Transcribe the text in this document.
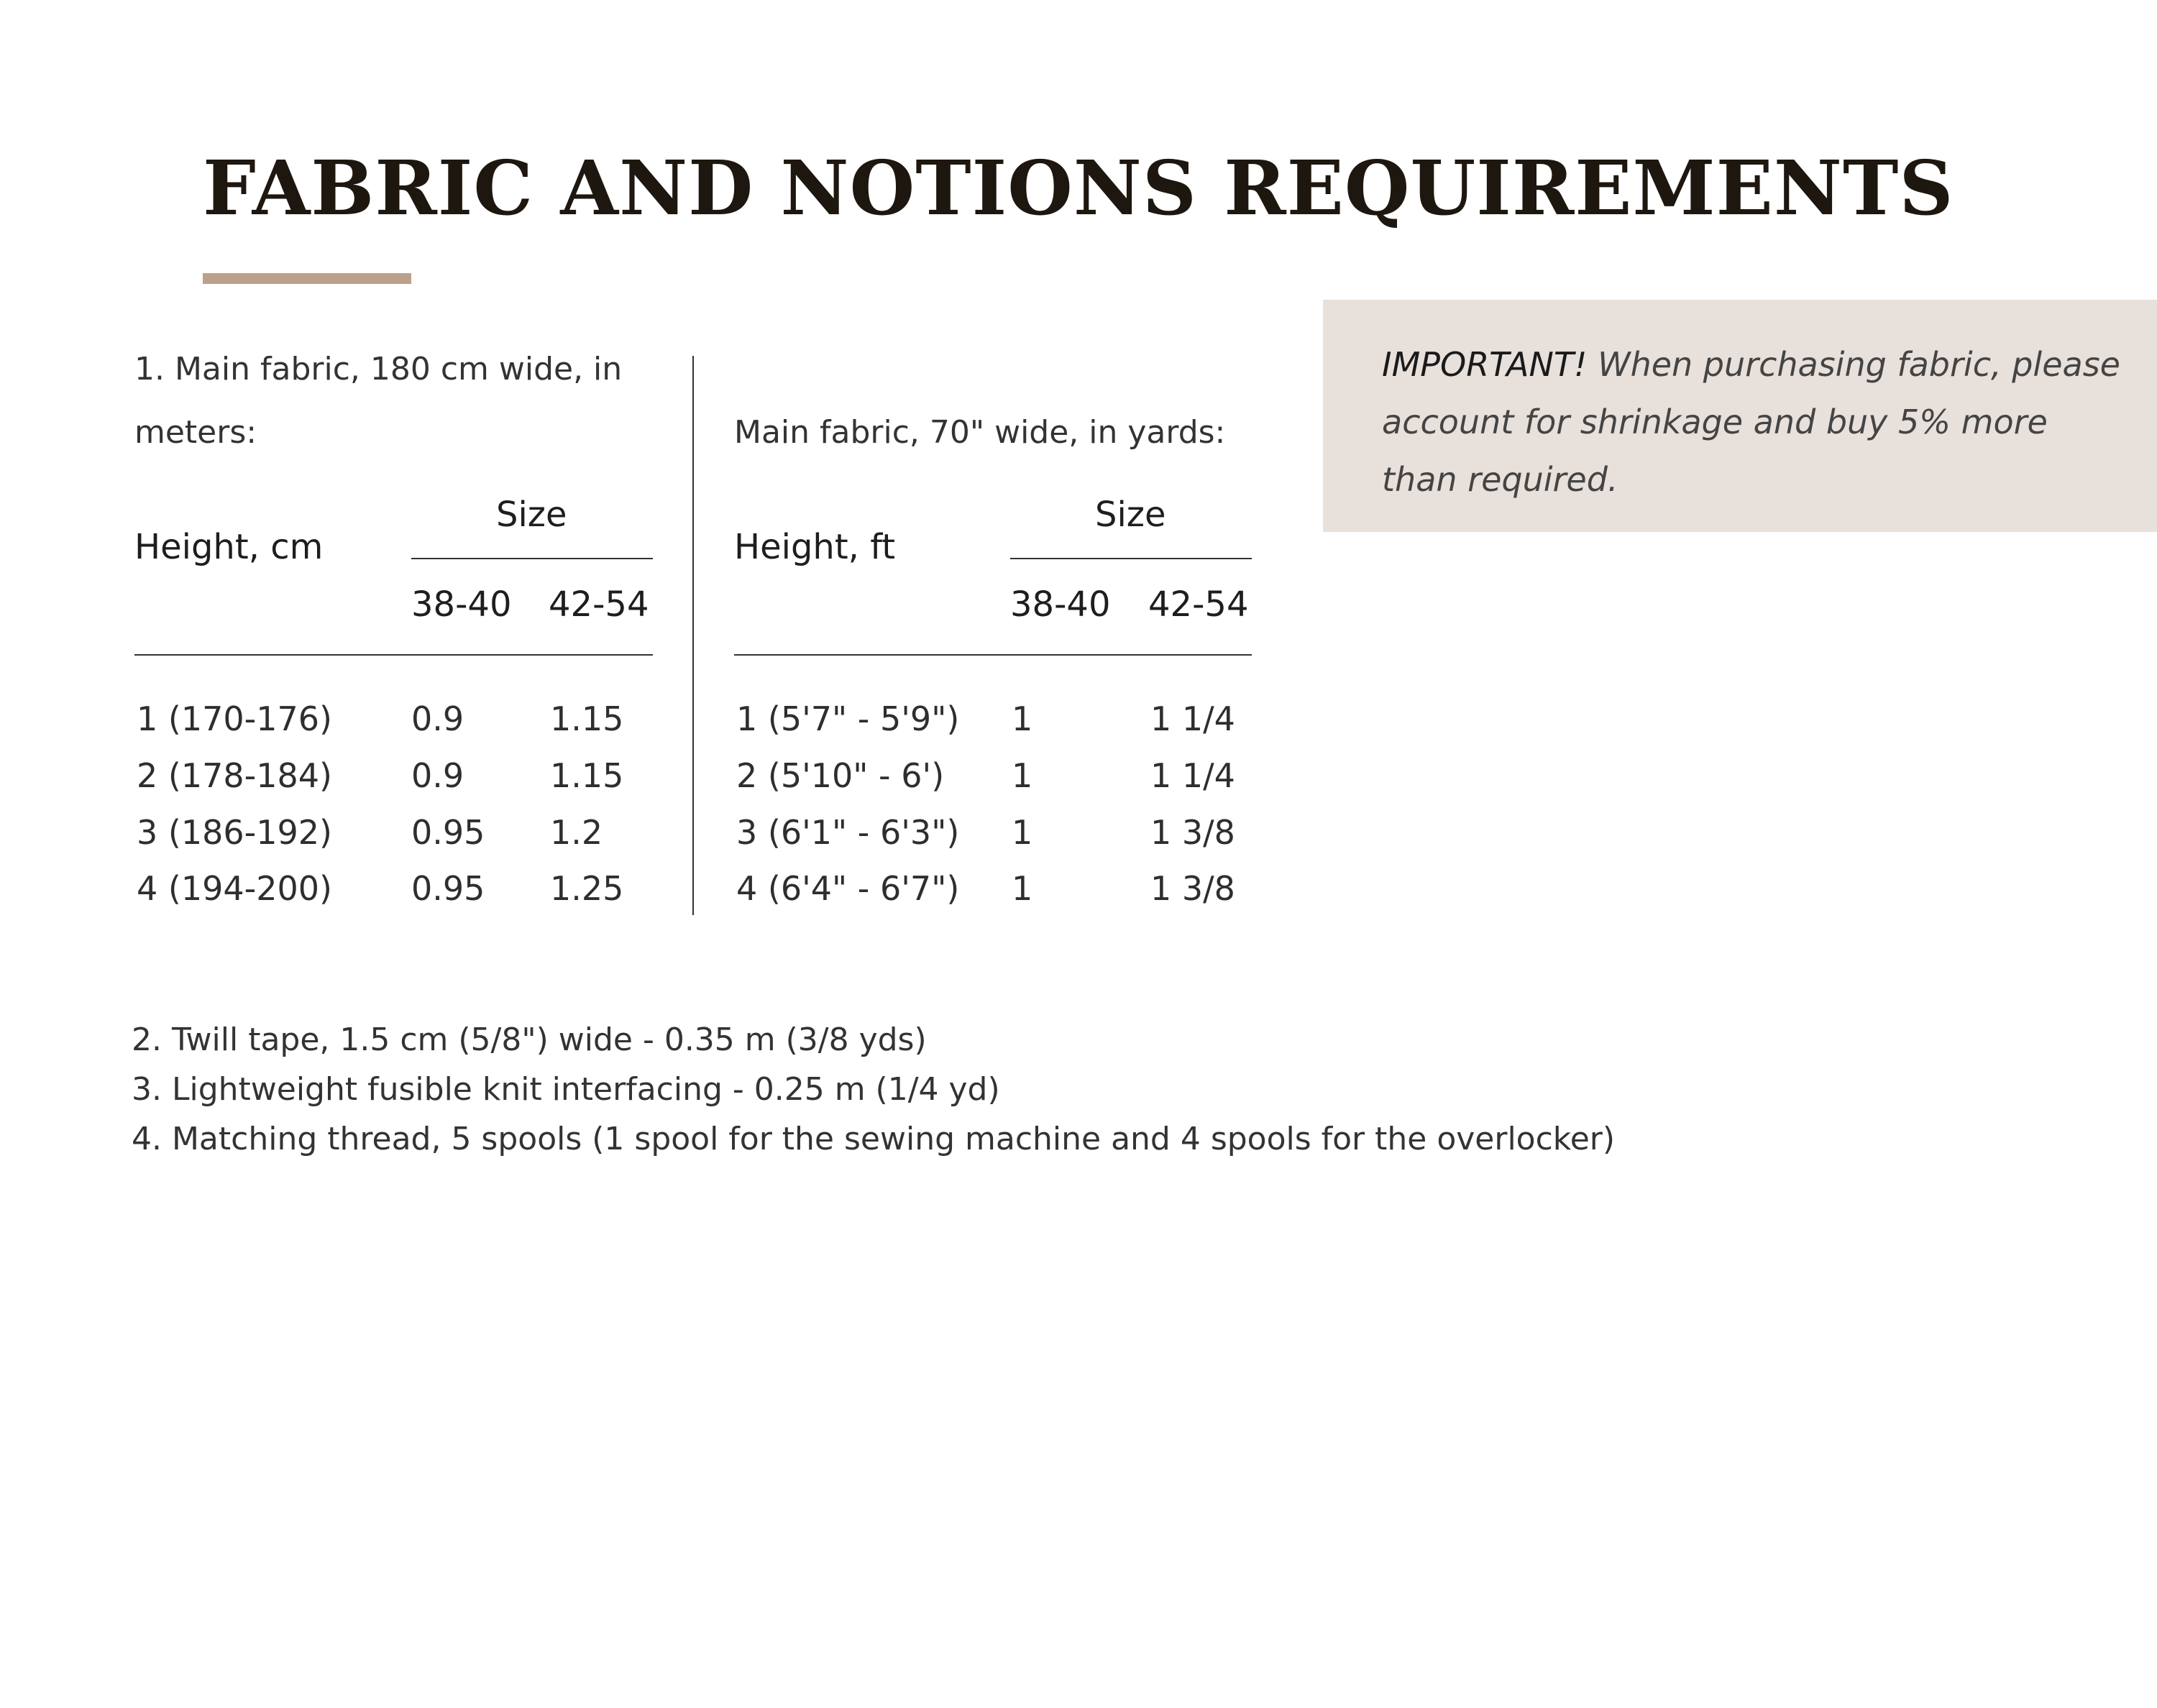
FABRIC AND NOTIONS REQUIREMENTS

IMPORTANT! When purchasing fabric, please account for shrinkage and buy 5% more than required.

1. Main fabric, 180 cm wide, in
meters:
Height, cm
Size
38-40 42-54
1 (170-176) 0.9	1.15
2 (178-184) 0.9	1.15
3 (186-192) 0.95 1.2
4 (194-200) 0.95 1.25
Main fabric, 70" wide, in yards:
Height, ft
Size
38-40 42-54
1 (5'7" - 5'9") 1	1 1/4
2 (5'10" - 6') 1	1 1/4
3 (6'1" - 6'3") 1	1 3/8
4 (6'4" - 6'7") 1	1 3/8
2. Twill tape, 1.5 cm (5/8") wide - 0.35 m (3/8 yds)
3. Lightweight fusible knit interfacing - 0.25 m (1/4 yd)
4. Matching thread, 5 spools (1 spool for the sewing machine and 4 spools for the overlocker)
